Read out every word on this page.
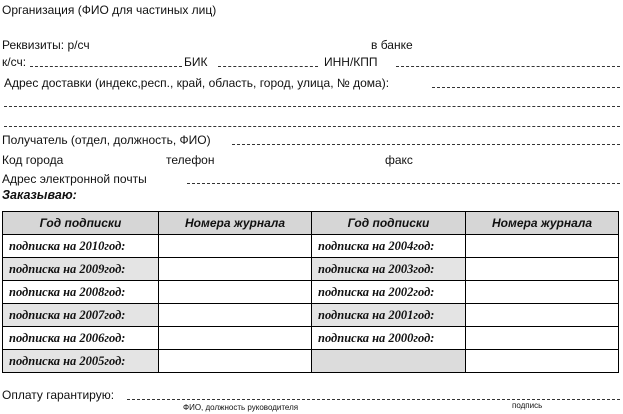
Организация (ФИО для частиных лиц)
Реквизиты: р/сч	в банке
к/сч:	БИК	ИНН/КПП
Адрес доставки (индекс,респ., край, область, город, улица, № дома):
Получатель (отдел, должность, ФИО)
Код города	телефон	факс
Адрес электронной почты
Заказываю:
Год подписки	Номера журнала	Год подписки	Номера журнала
подписка на 2010год:		подписка на 2004год:	
подписка на 2009год:		подписка на 2003год:	
подписка на 2008год:		подписка на 2002год:	
подписка на 2007год:		подписка на 2001год:	
подписка на 2006год:		подписка на 2000год:	
подписка на 2005год:			
Оплату гарантирую:
ФИО, должность руководителя	подпись
